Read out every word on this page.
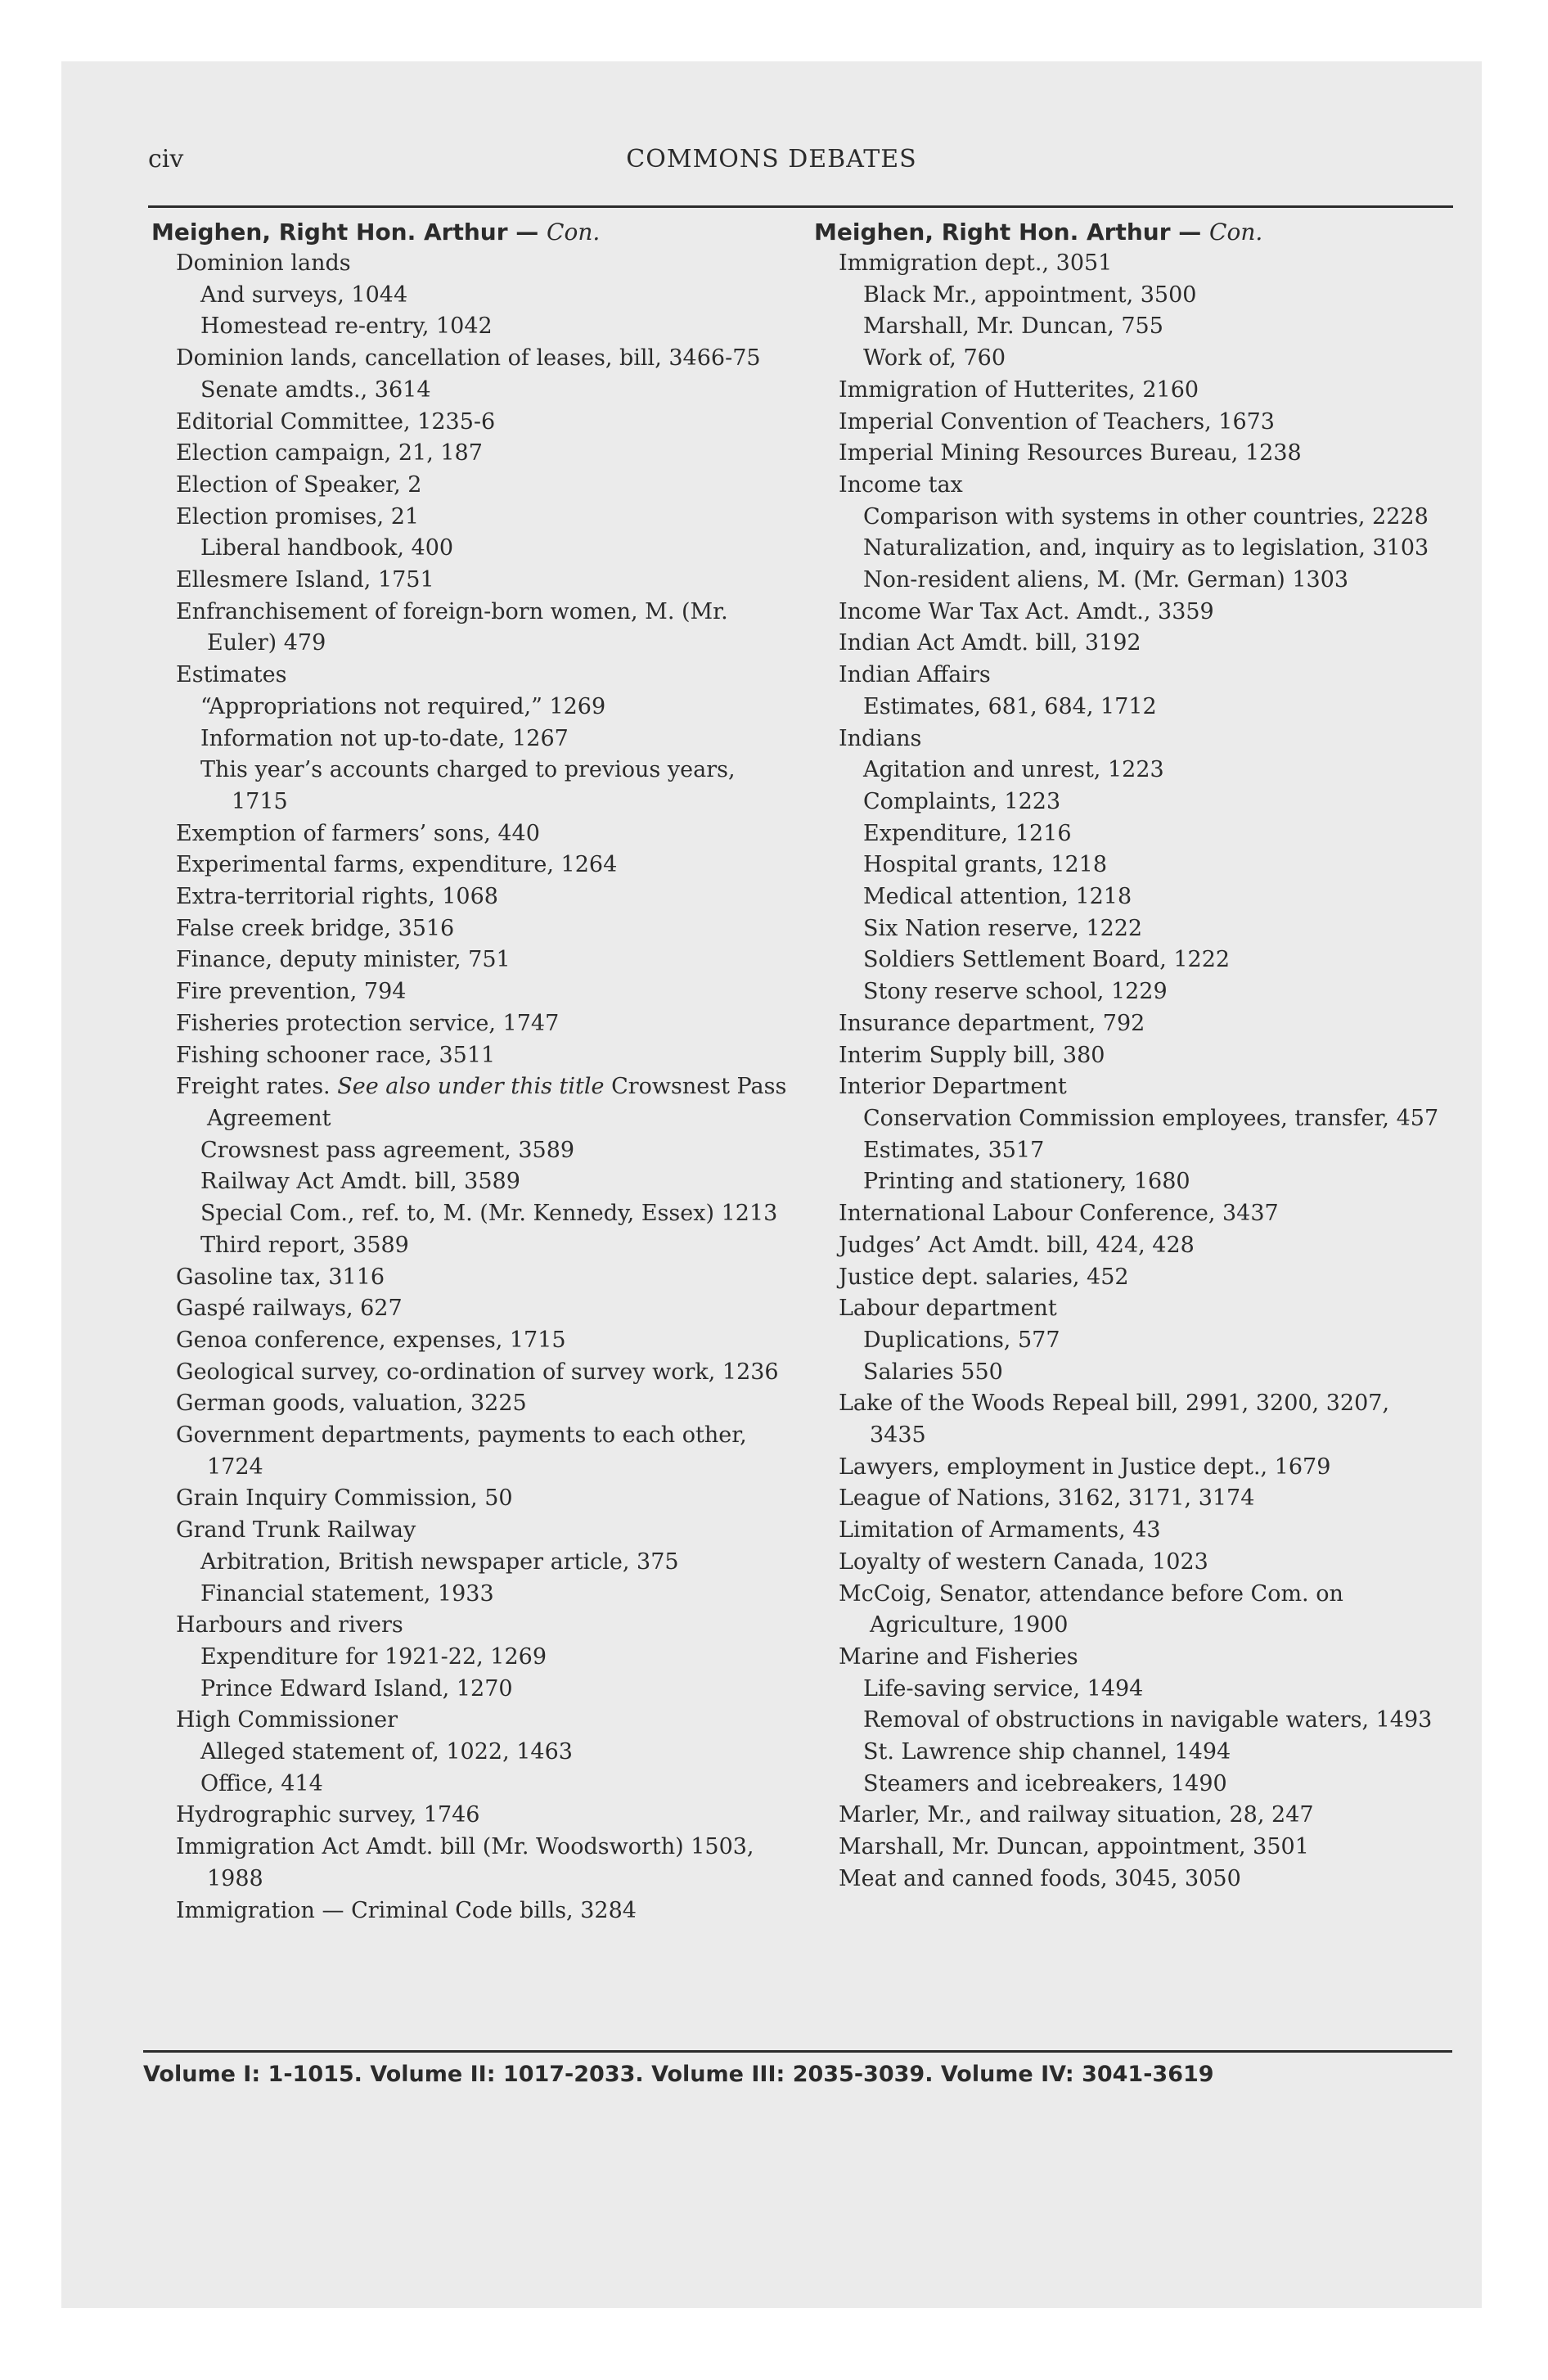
civ	COMMONS DEBATES
Meighen, Right Hon. Arthur — Con.
Dominion lands
And surveys, 1044
Homestead re-entry, 1042
Dominion lands, cancellation of leases, bill, 3466-75
Senate amdts., 3614
Editorial Committee, 1235-6
Election campaign, 21, 187
Election of Speaker, 2
Election promises, 21
Liberal handbook, 400
Ellesmere Island, 1751
Enfranchisement of foreign-born women, M. (Mr. Euler) 479
Estimates
“Appropriations not required,” 1269
Information not up-to-date, 1267
This year’s accounts charged to previous years, 1715
Exemption of farmers’ sons, 440
Experimental farms, expenditure, 1264
Extra-territorial rights, 1068
False creek bridge, 3516
Finance, deputy minister, 751
Fire prevention, 794
Fisheries protection service, 1747
Fishing schooner race, 3511
Freight rates. See also under this title Crowsnest Pass Agreement
Crowsnest pass agreement, 3589
Railway Act Amdt. bill, 3589
Special Com., ref. to, M. (Mr. Kennedy, Essex) 1213
Third report, 3589
Gasoline tax, 3116
Gaspé railways, 627
Genoa conference, expenses, 1715
Geological survey, co-ordination of survey work, 1236
German goods, valuation, 3225
Government departments, payments to each other, 1724
Grain Inquiry Commission, 50
Grand Trunk Railway
Arbitration, British newspaper article, 375
Financial statement, 1933
Harbours and rivers
Expenditure for 1921-22, 1269
Prince Edward Island, 1270
High Commissioner
Alleged statement of, 1022, 1463
Office, 414
Hydrographic survey, 1746
Immigration Act Amdt. bill (Mr. Woodsworth) 1503, 1988
Immigration — Criminal Code bills, 3284
Meighen, Right Hon. Arthur — Con.
Immigration dept., 3051
Black Mr., appointment, 3500
Marshall, Mr. Duncan, 755
Work of, 760
Immigration of Hutterites, 2160
Imperial Convention of Teachers, 1673
Imperial Mining Resources Bureau, 1238
Income tax
Comparison with systems in other countries, 2228
Naturalization, and, inquiry as to legislation, 3103
Non-resident aliens, M. (Mr. German) 1303
Income War Tax Act. Amdt., 3359
Indian Act Amdt. bill, 3192
Indian Affairs
Estimates, 681, 684, 1712
Indians
Agitation and unrest, 1223
Complaints, 1223
Expenditure, 1216
Hospital grants, 1218
Medical attention, 1218
Six Nation reserve, 1222
Soldiers Settlement Board, 1222
Stony reserve school, 1229
Insurance department, 792
Interim Supply bill, 380
Interior Department
Conservation Commission employees, transfer, 457
Estimates, 3517
Printing and stationery, 1680
International Labour Conference, 3437
Judges’ Act Amdt. bill, 424, 428
Justice dept. salaries, 452
Labour department
Duplications, 577
Salaries 550
Lake of the Woods Repeal bill, 2991, 3200, 3207, 3435
Lawyers, employment in Justice dept., 1679
League of Nations, 3162, 3171, 3174
Limitation of Armaments, 43
Loyalty of western Canada, 1023
McCoig, Senator, attendance before Com. on Agriculture, 1900
Marine and Fisheries
Life-saving service, 1494
Removal of obstructions in navigable waters, 1493
St. Lawrence ship channel, 1494
Steamers and icebreakers, 1490
Marler, Mr., and railway situation, 28, 247
Marshall, Mr. Duncan, appointment, 3501
Meat and canned foods, 3045, 3050
Volume I: 1-1015. Volume II: 1017-2033. Volume III: 2035-3039. Volume IV: 3041-3619
